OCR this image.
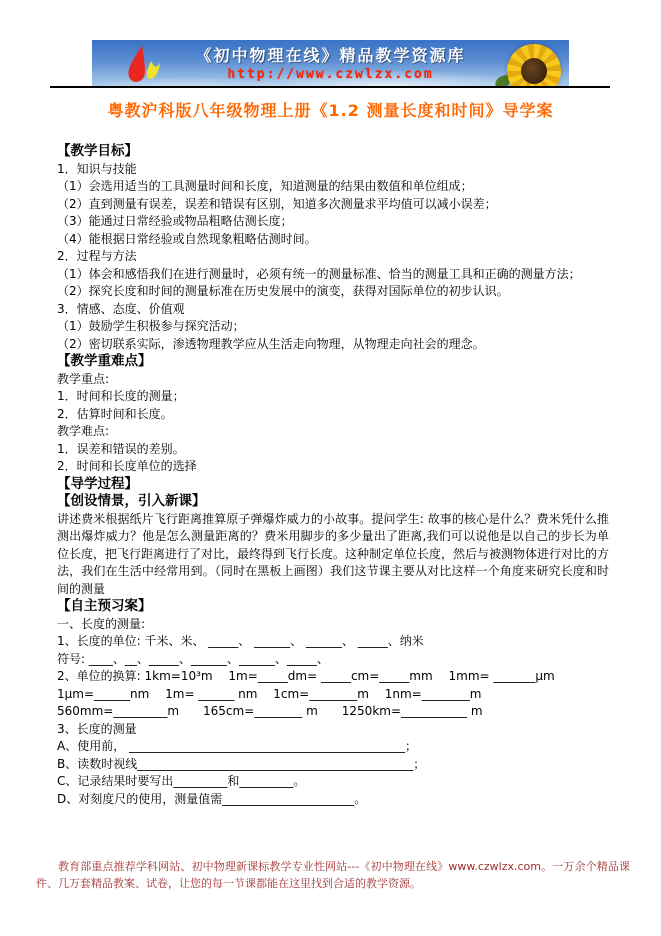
《初中物理在线》精品教学资源库
http://www.czwlzx.com
粤教沪科版八年级物理上册《1.2 测量长度和时间》导学案
【教学目标】
1．知识与技能
（1）会选用适当的工具测量时间和长度，知道测量的结果由数值和单位组成；
（2）直到测量有误差，误差和错误有区别，知道多次测量求平均值可以减小误差；
（3）能通过日常经验或物品粗略估测长度；
（4）能根据日常经验或自然现象粗略估测时间。
2．过程与方法
（1）体会和感悟我们在进行测量时，必须有统一的测量标准、恰当的测量工具和正确的测量方法；
（2）探究长度和时间的测量标准在历史发展中的演变，获得对国际单位的初步认识。
3．情感、态度、价值观
（1）鼓励学生积极参与探究活动；
（2）密切联系实际，渗透物理教学应从生活走向物理，从物理走向社会的理念。
【教学重难点】
教学重点:
1．时间和长度的测量；
2．估算时间和长度。
教学难点:
1．误差和错误的差别。
2．时间和长度单位的选择
【导学过程】
【创设情景，引入新课】
讲述费米根据纸片飞行距离推算原子弹爆炸威力的小故事。提问学生: 故事的核心是什么？费米凭什么推测出爆炸威力？他是怎么测量距离的？费米用脚步的多少量出了距离,我们可以说他是以自己的步长为单位长度，把飞行距离进行了对比，最终得到飞行长度。这种制定单位长度，然后与被测物体进行对比的方法，我们在生活中经常用到。（同时在黑板上画图）我们这节课主要从对比这样一个角度来研究长度和时间的测量
【自主预习案】
一、长度的测量:
1、长度的单位: 千米、米、 _____、 ______、 ______、 _____、纳米
符号: ____、__、_____、______、______、_____、
2、单位的换算: 1km=10³m　 1m=_____dm= _____cm=_____mm　 1mm= _______μm
1μm=______nm　 1m= ______ nm　 1cm=________m　 1nm=________m
560mm=_________m　　165cm=________ m　　1250km=___________ m
3、长度的测量
A、使用前， ______________________________________________；
B、读数时视线______________________________________________；
C、记录结果时要写出_________和_________。
D、对刻度尺的使用，测量值需______________________。
教育部重点推荐学科网站、初中物理新课标教学专业性网站---《初中物理在线》www.czwlzx.com。一万余个精品课件、几万套精品教案、试卷，让您的每一节课都能在这里找到合适的教学资源。
